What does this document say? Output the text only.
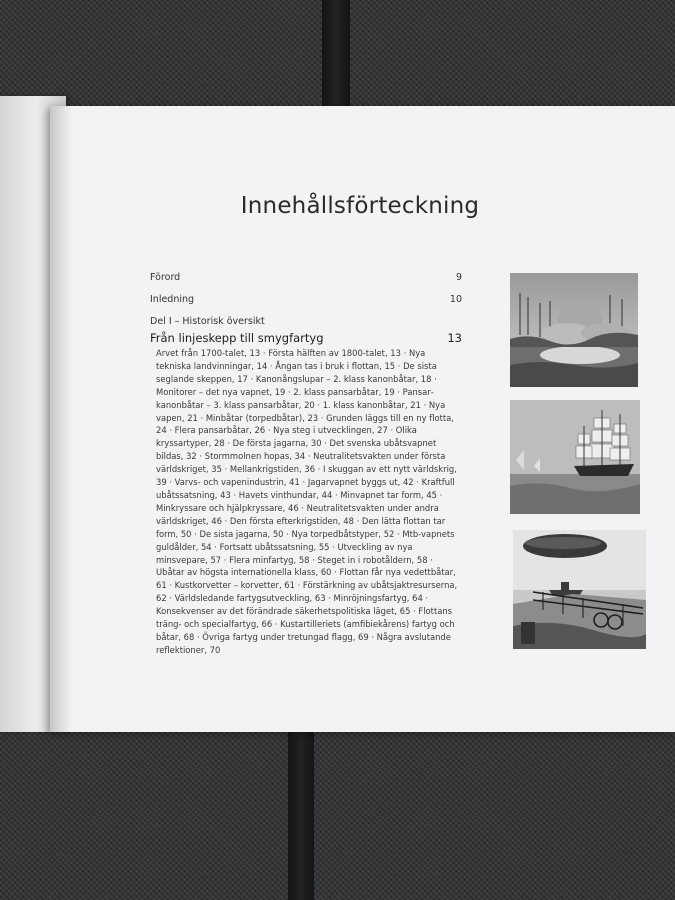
Innehållsförteckning
Förord	9
Inledning	10
Del I – Historisk översikt
Från linjeskepp till smygfartyg	13
Arvet från 1700-talet, 13 · Första hälften av 1800-talet, 13 · Nya tekniska landvinningar, 14 · Ångan tas i bruk i flottan, 15 · De sista seglande skeppen, 17 · Kanonångslupar – 2. klass kanonbåtar, 18 · Monitorer – det nya vapnet, 19 · 2. klass pansarbåtar, 19 · Pansarkanonbåtar – 3. klass pansarbåtar, 20 · 1. klass kanonbåtar, 21 · Nya vapen, 21 · Minbåtar (torpedbåtar), 23 · Grunden läggs till en ny flotta, 24 · Flera pansarbåtar, 26 · Nya steg i utvecklingen, 27 · Olika kryssartyper, 28 · De första jagarna, 30 · Det svenska ubåtsvapnet bildas, 32 · Stormmolnen hopas, 34 · Neutralitetsvakten under första världskriget, 35 · Mellankrigstiden, 36 · I skuggan av ett nytt världskrig, 39 · Varvs- och vapenindustrin, 41 · Jagarvapnet byggs ut, 42 · Kraftfull ubåtssatsning, 43 · Havets vinthundar, 44 · Minvapnet tar form, 45 · Minkryssare och hjälpkryssare, 46 · Neutralitetsvakten under andra världskriget, 46 · Den första efterkrigstiden, 48 · Den lätta flottan tar form, 50 · De sista jagarna, 50 · Nya torpedbåtstyper, 52 · Mtb-vapnets guldålder, 54 · Fortsatt ubåtssatsning, 55 · Utveckling av nya minsvepare, 57 · Flera minfartyg, 58 · Steget in i robotåldern, 58 · Ubåtar av högsta internationella klass, 60 · Flottan får nya vedettbåtar, 61 · Kustkorvetter – korvetter, 61 · Förstärkning av ubåtsjaktresurserna, 62 · Världsledande fartygsutveckling, 63 · Minröjningsfartyg, 64 · Konsekvenser av det förändrade säkerhetspolitiska läget, 65 · Flottans träng- och specialfartyg, 66 · Kustartilleriets (amfibiekårens) fartyg och båtar, 68 · Övriga fartyg under tretungad flagg, 69 · Några avslutande reflektioner, 70
